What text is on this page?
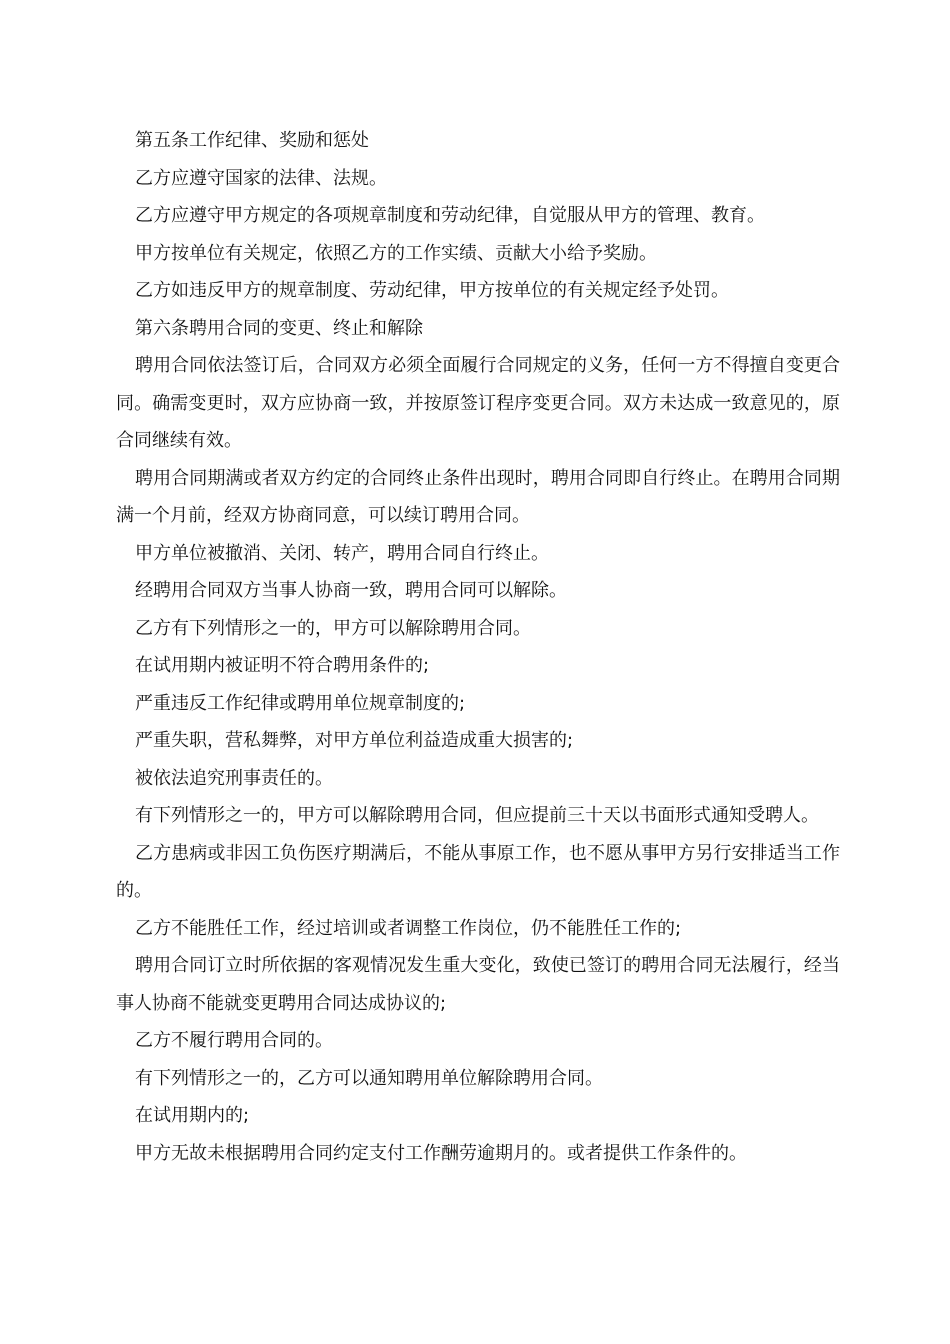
第五条工作纪律、奖励和惩处

乙方应遵守国家的法律、法规。

乙方应遵守甲方规定的各项规章制度和劳动纪律，自觉服从甲方的管理、教育。

甲方按单位有关规定，依照乙方的工作实绩、贡献大小给予奖励。

乙方如违反甲方的规章制度、劳动纪律，甲方按单位的有关规定经予处罚。

第六条聘用合同的变更、终止和解除

聘用合同依法签订后，合同双方必须全面履行合同规定的义务，任何一方不得擅自变更合同。确需变更时，双方应协商一致，并按原签订程序变更合同。双方未达成一致意见的，原合同继续有效。

聘用合同期满或者双方约定的合同终止条件出现时，聘用合同即自行终止。在聘用合同期满一个月前，经双方协商同意，可以续订聘用合同。

甲方单位被撤消、关闭、转产，聘用合同自行终止。

经聘用合同双方当事人协商一致，聘用合同可以解除。

乙方有下列情形之一的，甲方可以解除聘用合同。

在试用期内被证明不符合聘用条件的;

严重违反工作纪律或聘用单位规章制度的;

严重失职，营私舞弊，对甲方单位利益造成重大损害的;

被依法追究刑事责任的。

有下列情形之一的，甲方可以解除聘用合同，但应提前三十天以书面形式通知受聘人。

乙方患病或非因工负伤医疗期满后，不能从事原工作，也不愿从事甲方另行安排适当工作的。

乙方不能胜任工作，经过培训或者调整工作岗位，仍不能胜任工作的;

聘用合同订立时所依据的客观情况发生重大变化，致使已签订的聘用合同无法履行，经当事人协商不能就变更聘用合同达成协议的;

乙方不履行聘用合同的。

有下列情形之一的，乙方可以通知聘用单位解除聘用合同。

在试用期内的;

甲方无故未根据聘用合同约定支付工作酬劳逾期月的。或者提供工作条件的。
